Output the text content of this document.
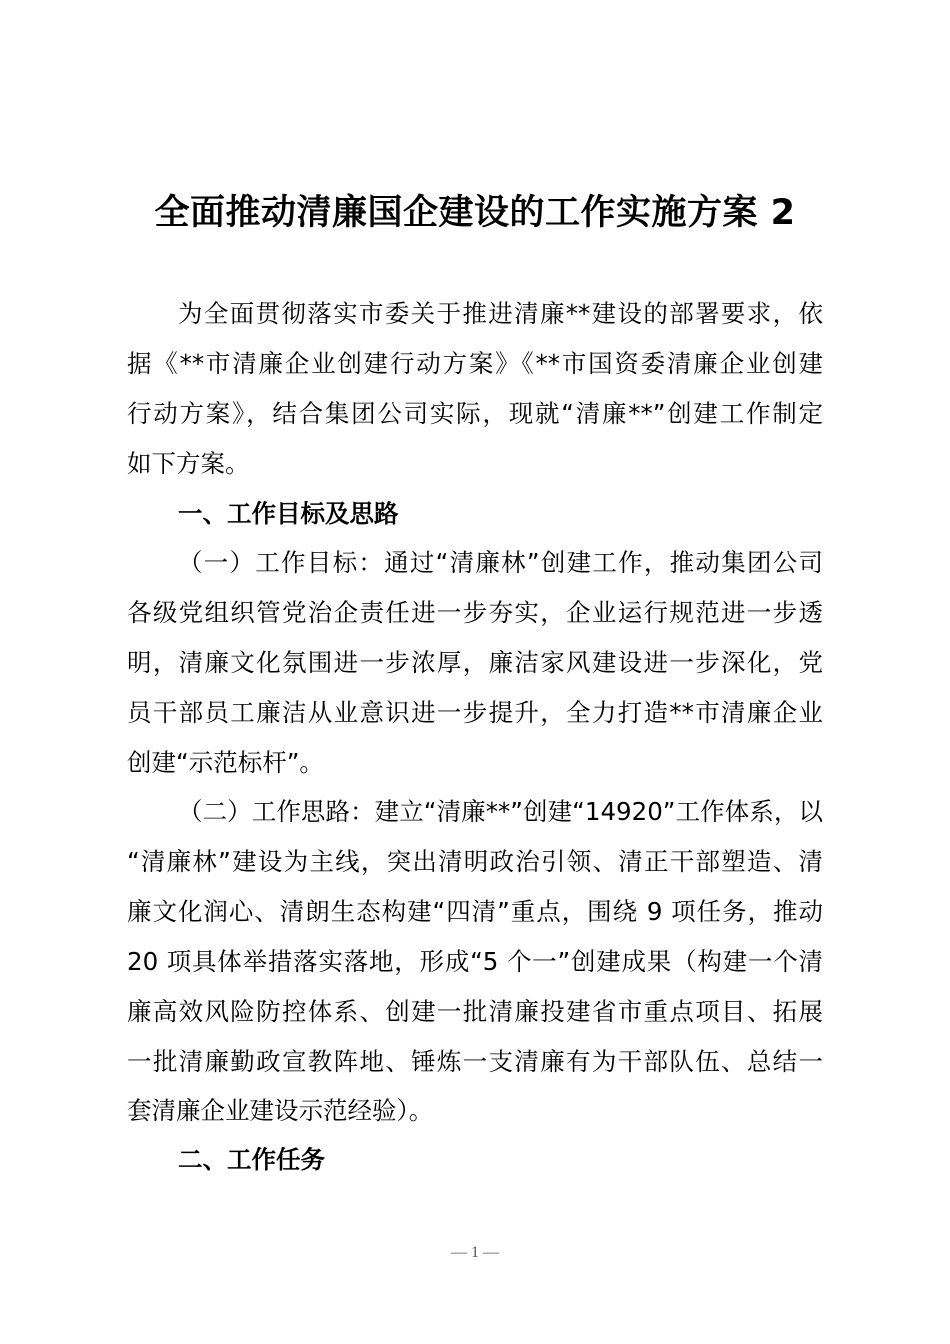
全面推动清廉国企建设的工作实施方案 2
为全面贯彻落实市委关于推进清廉**建设的部署要求，依
据《**市清廉企业创建行动方案》《**市国资委清廉企业创建
行动方案》，结合集团公司实际，现就“清廉**”创建工作制定
如下方案。
一、工作目标及思路
（一）工作目标：通过“清廉林”创建工作，推动集团公司
各级党组织管党治企责任进一步夯实，企业运行规范进一步透
明，清廉文化氛围进一步浓厚，廉洁家风建设进一步深化，党
员干部员工廉洁从业意识进一步提升，全力打造**市清廉企业
创建“示范标杆”。
（二）工作思路：建立“清廉**”创建“14920”工作体系，以
“清廉林”建设为主线，突出清明政治引领、清正干部塑造、清
廉文化润心、清朗生态构建“四清”重点，围绕 9 项任务，推动
20 项具体举措落实落地，形成“5 个一”创建成果（构建一个清
廉高效风险防控体系、创建一批清廉投建省市重点项目、拓展
一批清廉勤政宣教阵地、锤炼一支清廉有为干部队伍、总结一
套清廉企业建设示范经验）。
二、工作任务
— 1 —
